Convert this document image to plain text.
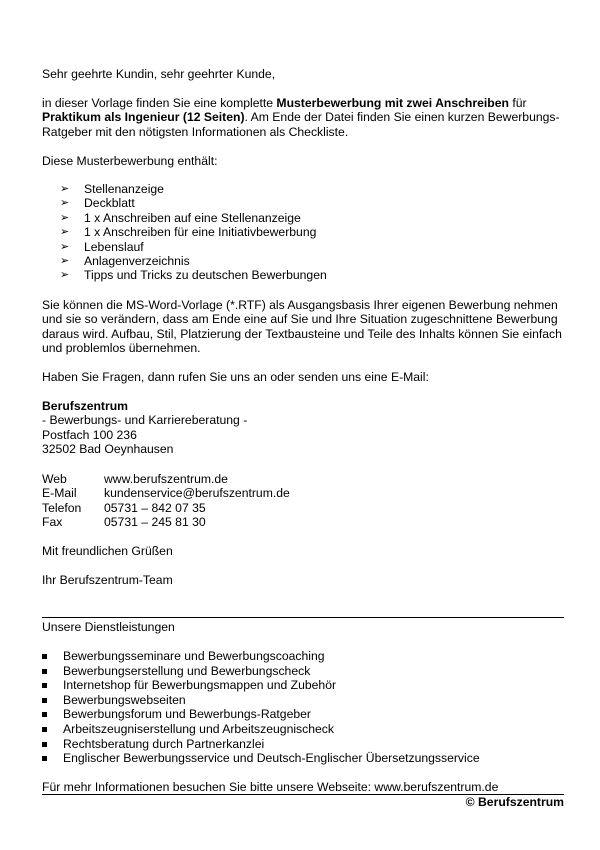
Sehr geehrte Kundin, sehr geehrter Kunde,

in dieser Vorlage finden Sie eine komplette Musterbewerbung mit zwei Anschreiben für Praktikum als Ingenieur (12 Seiten). Am Ende der Datei finden Sie einen kurzen Bewerbungs-Ratgeber mit den nötigsten Informationen als Checkliste.

Diese Musterbewerbung enthält:

➢ Stellenanzeige
➢ Deckblatt
➢ 1 x Anschreiben auf eine Stellenanzeige
➢ 1 x Anschreiben für eine Initiativbewerbung
➢ Lebenslauf
➢ Anlagenverzeichnis
➢ Tipps und Tricks zu deutschen Bewerbungen

Sie können die MS-Word-Vorlage (*.RTF) als Ausgangsbasis Ihrer eigenen Bewerbung nehmen und sie so verändern, dass am Ende eine auf Sie und Ihre Situation zugeschnittene Bewerbung daraus wird. Aufbau, Stil, Platzierung der Textbausteine und Teile des Inhalts können Sie einfach und problemlos übernehmen.

Haben Sie Fragen, dann rufen Sie uns an oder senden uns eine E-Mail:

Berufszentrum

- Bewerbungs- und Karriereberatung -

Postfach 100 236

32502 Bad Oeynhausen

Web	www.berufszentrum.de
E-Mail	kundenservice@berufszentrum.de
Telefon	05731 – 842 07 35
Fax	05731 – 245 81 30

Mit freundlichen Grüßen

Ihr Berufszentrum-Team

Unsere Dienstleistungen

Bewerbungsseminare und Bewerbungscoaching
Bewerbungserstellung und Bewerbungscheck
Internetshop für Bewerbungsmappen und Zubehör
Bewerbungswebseiten
Bewerbungsforum und Bewerbungs-Ratgeber
Arbeitszeugniserstellung und Arbeitszeugnischeck
Rechtsberatung durch Partnerkanzlei
Englischer Bewerbungsservice und Deutsch-Englischer Übersetzungsservice

Für mehr Informationen besuchen Sie bitte unsere Webseite: www.berufszentrum.de

© Berufszentrum
